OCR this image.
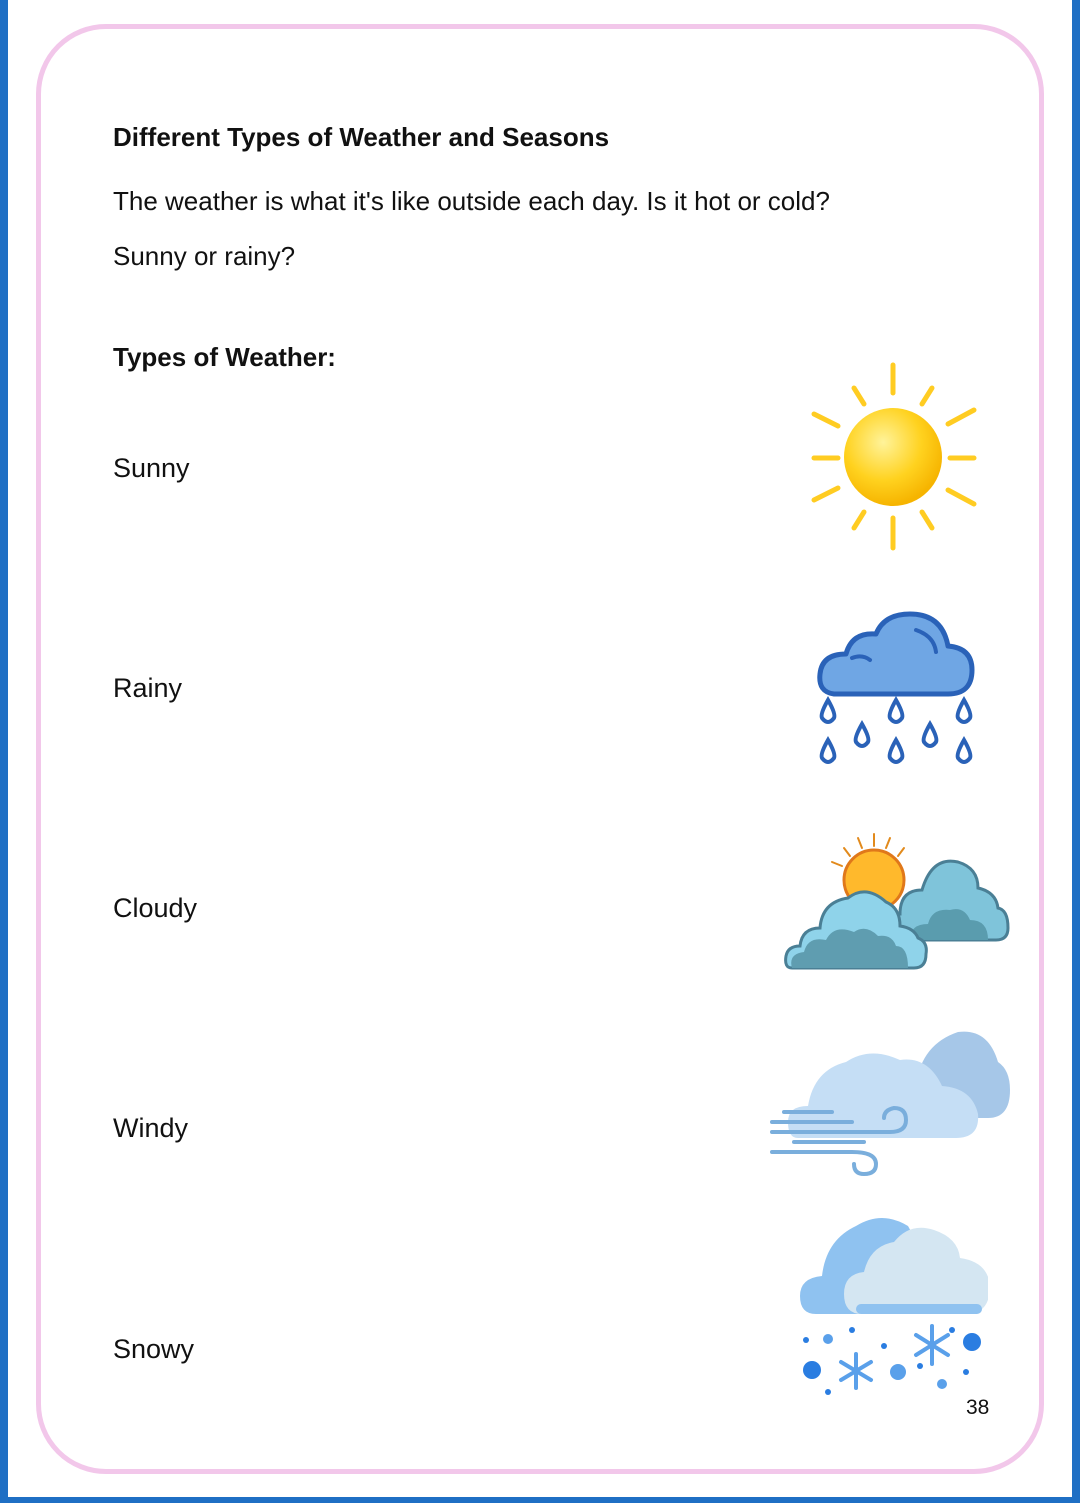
Different Types of Weather and Seasons
The weather is what it's like outside each day. Is it hot or cold?
Sunny or rainy?
Types of Weather:
Sunny
Rainy
Cloudy
Windy
Snowy
38
